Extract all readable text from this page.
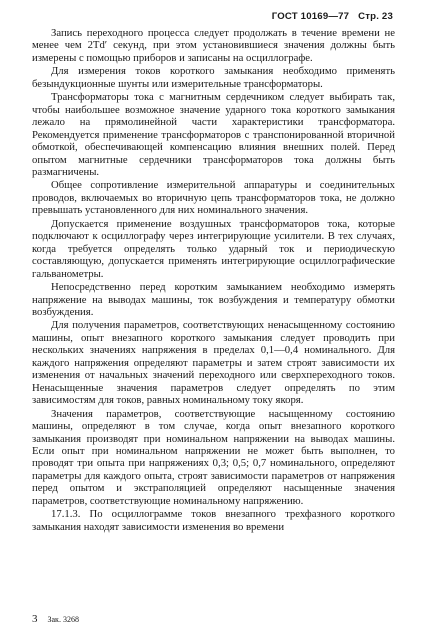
ГОСТ 10169—77 Стр. 23

Запись переходного процесса следует продолжать в течение времени не менее чем 2Tdʹ секунд, при этом установившиеся значения должны быть измерены с помощью приборов и записаны на осциллографе.

Для измерения токов короткого замыкания необходимо применять безындукционные шунты или измерительные трансформаторы.

Трансформаторы тока с магнитным сердечником следует выбирать так, чтобы наибольшее возможное значение ударного тока короткого замыкания лежало на прямолинейной части характеристики трансформатора. Рекомендуется применение трансформаторов с транспонированной вторичной обмоткой, обеспечивающей компенсацию влияния внешних полей. Перед опытом магнитные сердечники трансформаторов тока должны быть размагничены.

Общее сопротивление измерительной аппаратуры и соединительных проводов, включаемых во вторичную цепь трансформаторов тока, не должно превышать установленного для них номинального значения.

Допускается применение воздушных трансформаторов тока, которые подключают к осциллографу через интегрирующие усилители. В тех случаях, когда требуется определять только ударный ток и периодическую составляющую, допускается применять интегрирующие осциллографические гальванометры.

Непосредственно перед коротким замыканием необходимо измерять напряжение на выводах машины, ток возбуждения и температуру обмотки возбуждения.

Для получения параметров, соответствующих ненасыщенному состоянию машины, опыт внезапного короткого замыкания следует проводить при нескольких значениях напряжения в пределах 0,1—0,4 номинального. Для каждого напряжения определяют параметры и затем строят зависимости их изменения от начальных значений переходного или сверхпереходного токов. Ненасыщенные значения параметров следует определять по этим зависимостям для токов, равных номинальному току якоря.

Значения параметров, соответствующие насыщенному состоянию машины, определяют в том случае, когда опыт внезапного короткого замыкания производят при номинальном напряжении на выводах машины. Если опыт при номинальном напряжении не может быть выполнен, то проводят три опыта при напряжениях 0,3; 0,5; 0,7 номинального, определяют параметры для каждого опыта, строят зависимости параметров от напряжения перед опытом и экстраполяцией определяют насыщенные значения параметров, соответствующие номинальному напряжению.

17.1.3. По осциллограмме токов внезапного трехфазного короткого замыкания находят зависимости изменения во времени

3 Зак. 3268
